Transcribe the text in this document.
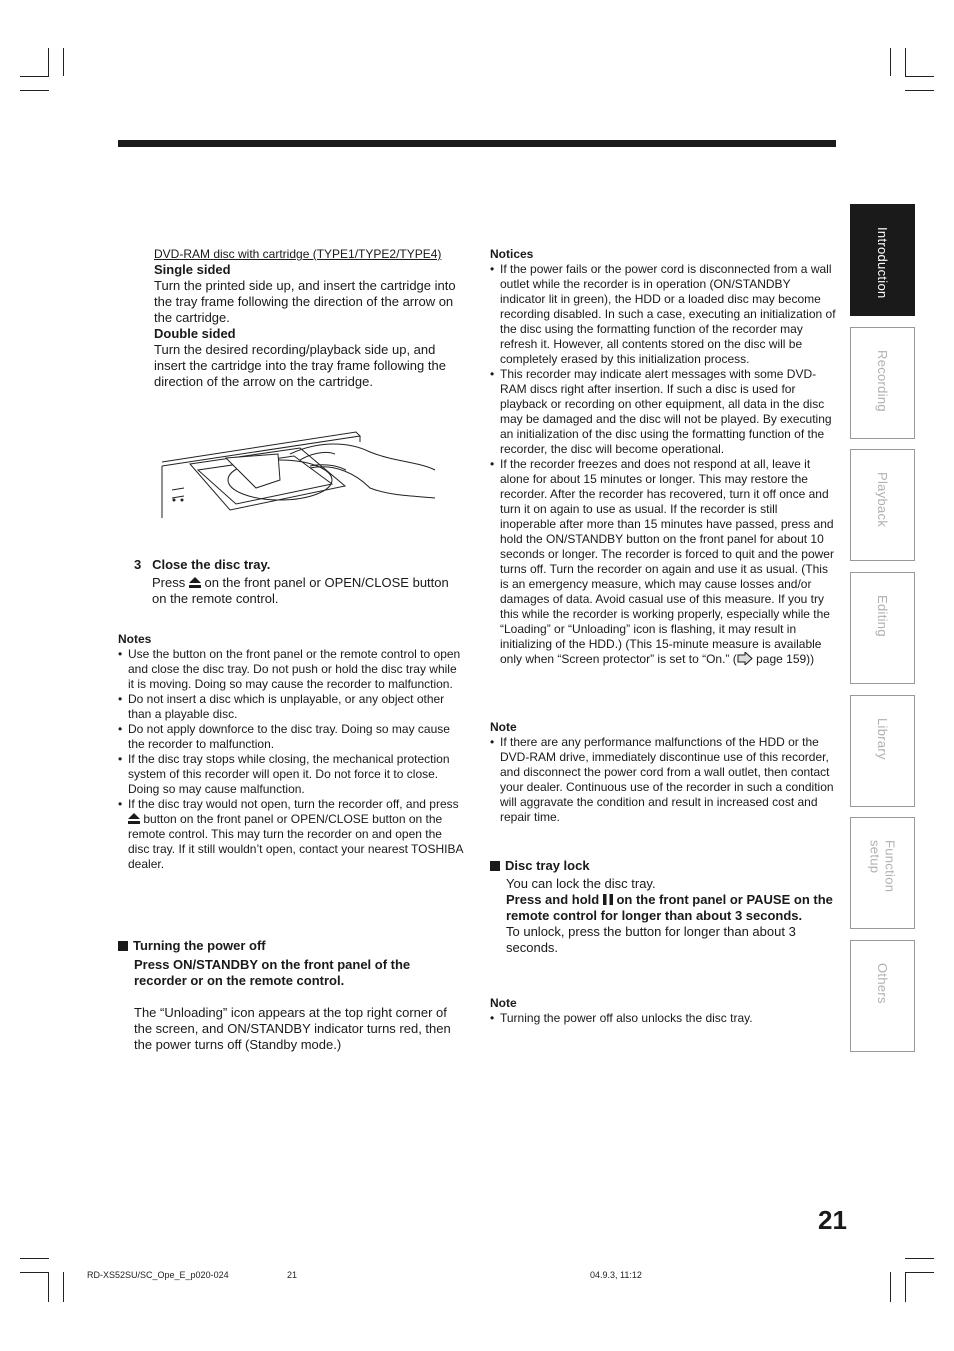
DVD-RAM disc with cartridge (TYPE1/TYPE2/TYPE4)

Single sided

Turn the printed side up, and insert the cartridge into the tray frame following the direction of the arrow on the cartridge.

Double sided

Turn the desired recording/playback side up, and insert the cartridge into the tray frame following the direction of the arrow on the cartridge.

3 Close the disc tray.

Press on the front panel or OPEN/CLOSE button on the remote control.

Notes

• Use the button on the front panel or the remote control to open and close the disc tray. Do not push or hold the disc tray while it is moving. Doing so may cause the recorder to malfunction.
• Do not insert a disc which is unplayable, or any object other than a playable disc.
• Do not apply downforce to the disc tray. Doing so may cause the recorder to malfunction.
• If the disc tray stops while closing, the mechanical protection system of this recorder will open it. Do not force it to close. Doing so may cause malfunction.
• If the disc tray would not open, turn the recorder off, and press  button on the front panel or OPEN/CLOSE button on the remote control. This may turn the recorder on and open the disc tray. If it still wouldn’t open, contact your nearest TOSHIBA dealer.

Turning the power off

Press ON/STANDBY on the front panel of the recorder or on the remote control.

The “Unloading” icon appears at the top right corner of the screen, and ON/STANDBY indicator turns red, then the power turns off (Standby mode.)

Notices

• If the power fails or the power cord is disconnected from a wall outlet while the recorder is in operation (ON/STANDBY indicator lit in green), the HDD or a loaded disc may become recording disabled. In such a case, executing an initialization of the disc using the formatting function of the recorder may refresh it. However, all contents stored on the disc will be completely erased by this initialization process.
• This recorder may indicate alert messages with some DVD-RAM discs right after insertion. If such a disc is used for playback or recording on other equipment, all data in the disc may be damaged and the disc will not be played. By executing an initialization of the disc using the formatting function of the recorder, the disc will become operational.
• If the recorder freezes and does not respond at all, leave it alone for about 15 minutes or longer. This may restore the recorder. After the recorder has recovered, turn it off once and turn it on again to use as usual. If the recorder is still inoperable after more than 15 minutes have passed, press and hold the ON/STANDBY button on the front panel for about 10 seconds or longer. The recorder is forced to quit and the power turns off. Turn the recorder on again and use it as usual. (This is an emergency measure, which may cause losses and/or damages of data. Avoid casual use of this measure. If you try this while the recorder is working properly, especially while the “Loading” or “Unloading” icon is flashing, it may result in initializing of the HDD.) (This 15-minute measure is available only when “Screen protector” is set to “On.” ( page 159))

Note

• If there are any performance malfunctions of the HDD or the DVD-RAM drive, immediately discontinue use of this recorder, and disconnect the power cord from a wall outlet, then contact your dealer. Continuous use of the recorder in such a condition will aggravate the condition and result in increased cost and repair time.

Disc tray lock

You can lock the disc tray.

Press and hold on the front panel or PAUSE on the remote control for longer than about 3 seconds.

To unlock, press the button for longer than about 3 seconds.

Note

• Turning the power off also unlocks the disc tray.
Introduction
Recording
Playback
Editing
Library
Function setup
Others
21
RD-XS52SU/SC_Ope_E_p020-024	21	04.9.3, 11:12
